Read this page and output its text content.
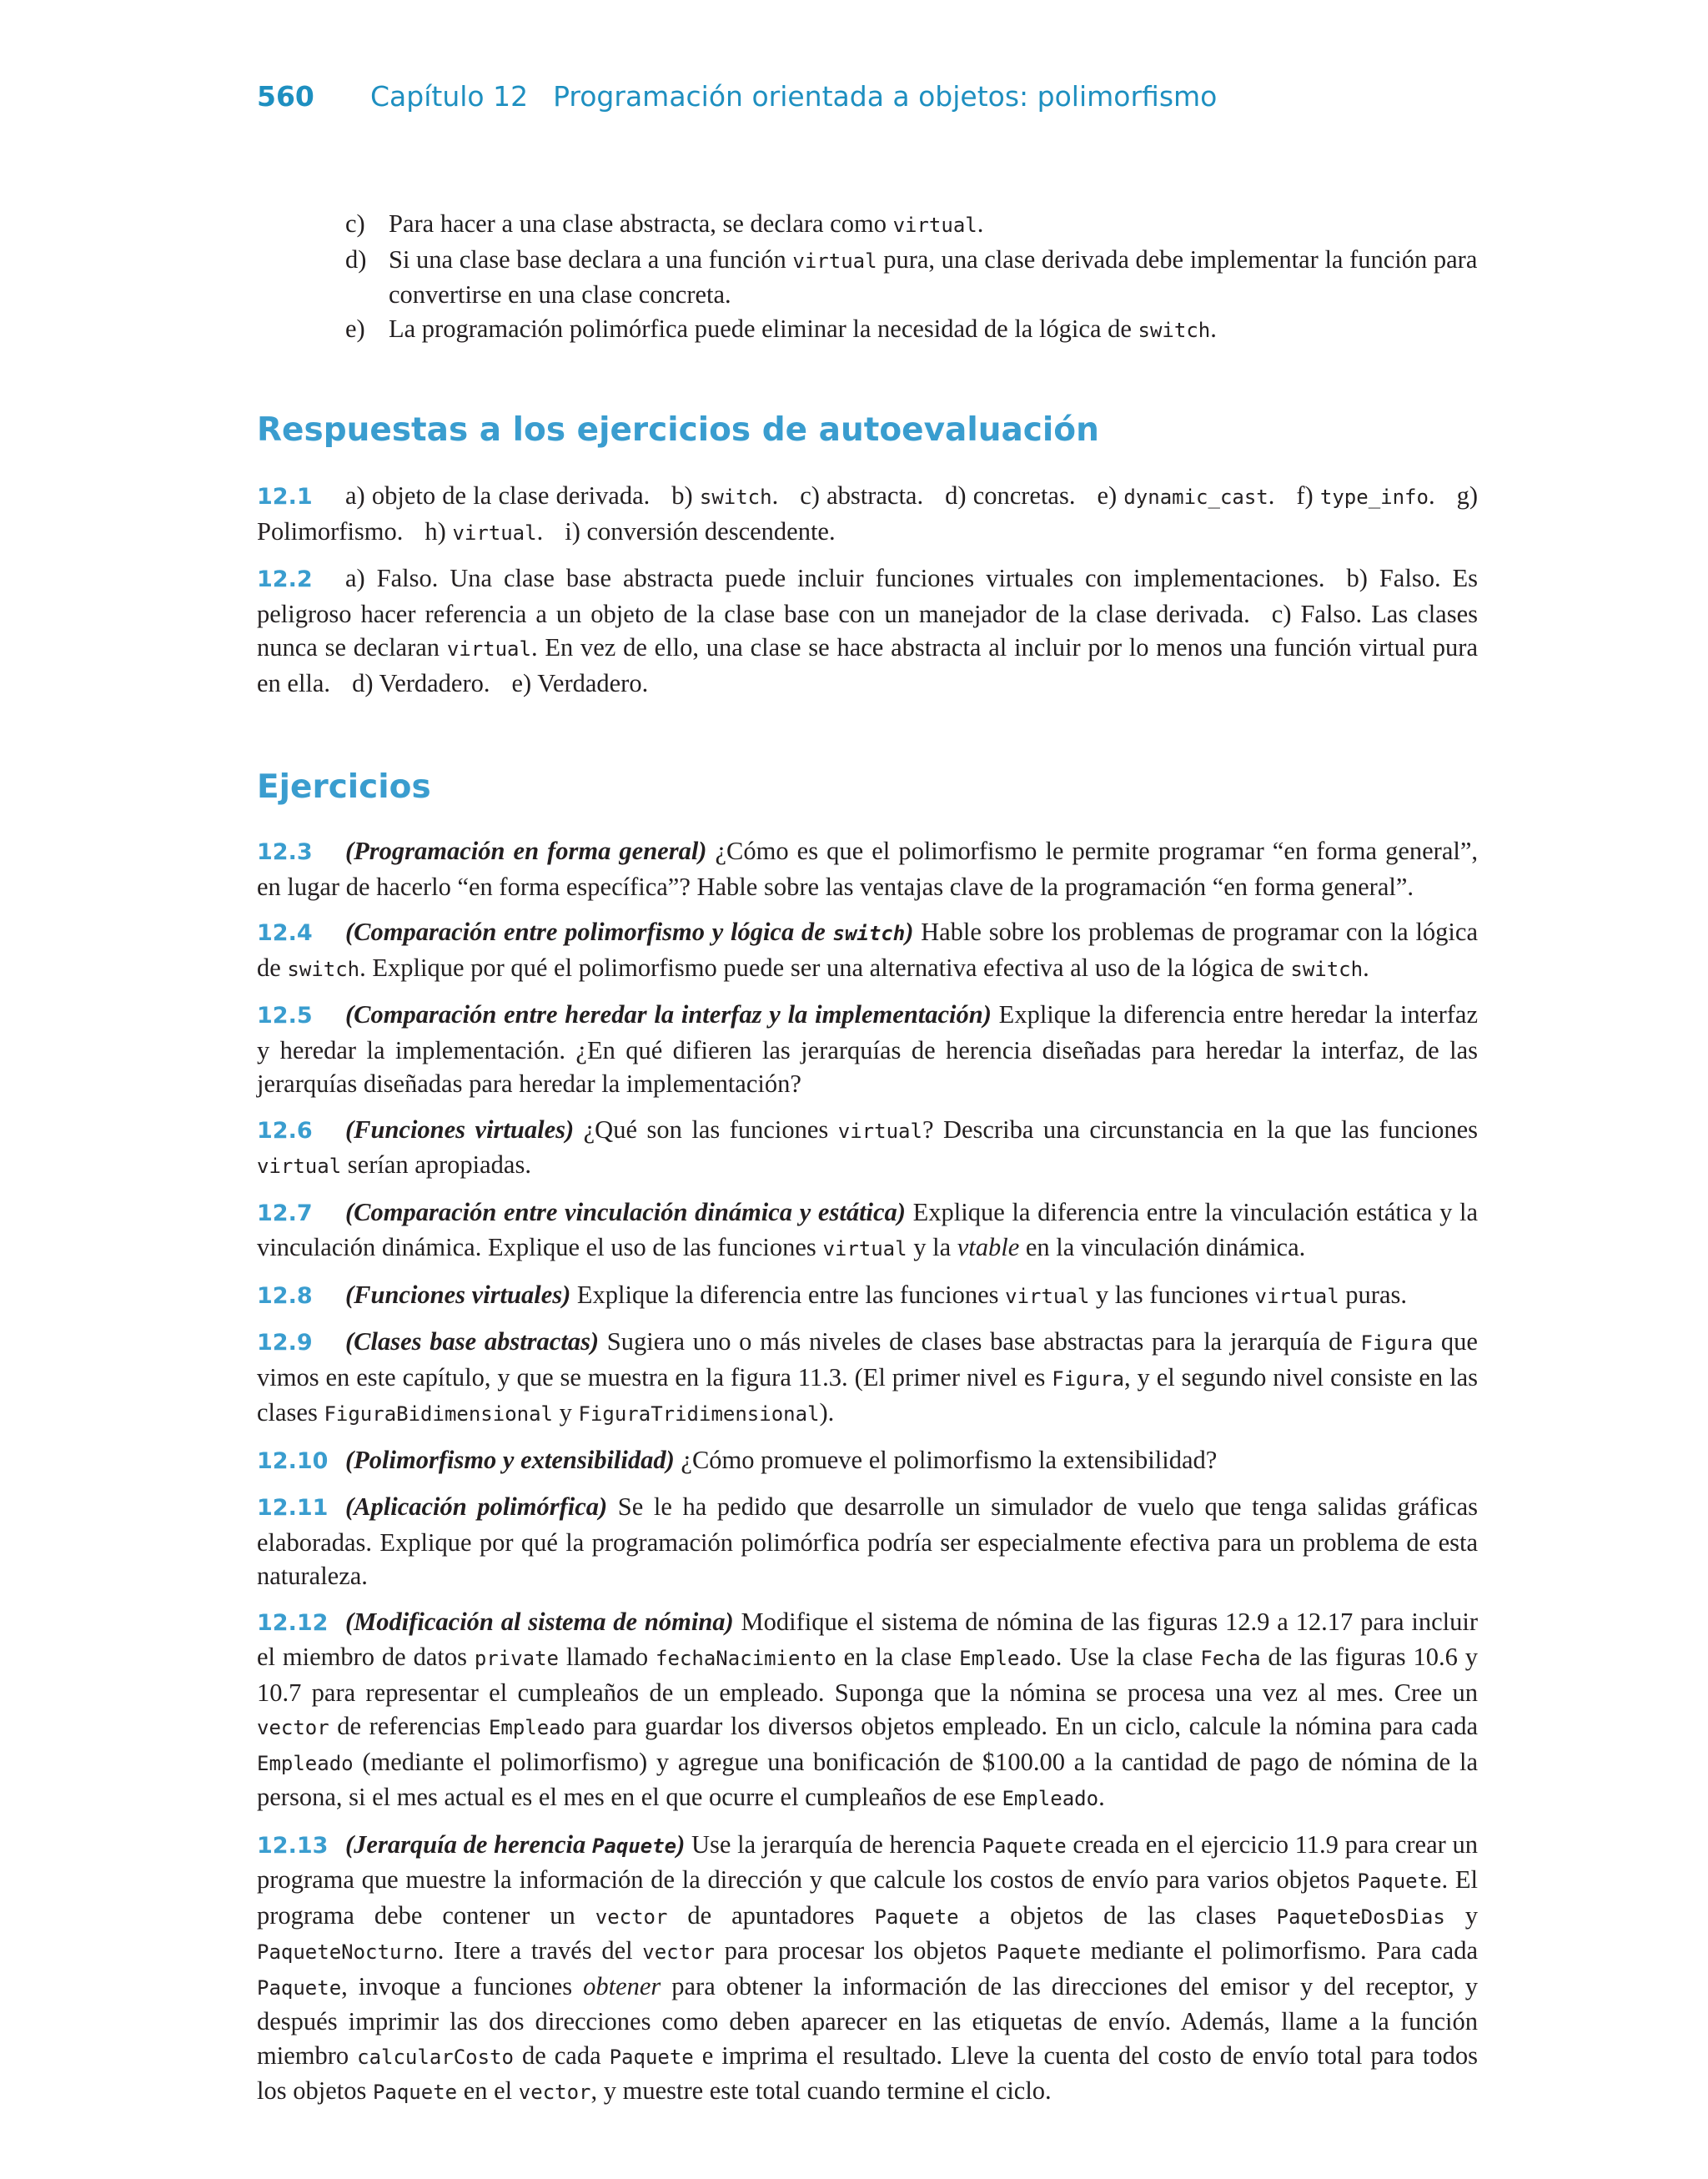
560 Capítulo 12 Programación orientada a objetos: polimorfismo
c) Para hacer a una clase abstracta, se declara como virtual.
d) Si una clase base declara a una función virtual pura, una clase derivada debe implementar la función para convertirse en una clase concreta.
e) La programación polimórfica puede eliminar la necesidad de la lógica de switch.
Respuestas a los ejercicios de autoevaluación

12.1 a) objeto de la clase derivada. b) switch. c) abstracta. d) concretas. e) dynamic_cast. f) type_info. g) Polimorfismo. h) virtual. i) conversión descendente.

12.2 a) Falso. Una clase base abstracta puede incluir funciones virtuales con implementaciones. b) Falso. Es peligroso hacer referencia a un objeto de la clase base con un manejador de la clase derivada. c) Falso. Las clases nunca se declaran virtual. En vez de ello, una clase se hace abstracta al incluir por lo menos una función virtual pura en ella. d) Verdadero. e) Verdadero.

Ejercicios

12.3 (Programación en forma general) ¿Cómo es que el polimorfismo le permite programar “en forma general”, en lugar de hacerlo “en forma específica”? Hable sobre las ventajas clave de la programación “en forma general”.

12.4 (Comparación entre polimorfismo y lógica de switch) Hable sobre los problemas de programar con la lógica de switch. Explique por qué el polimorfismo puede ser una alternativa efectiva al uso de la lógica de switch.

12.5 (Comparación entre heredar la interfaz y la implementación) Explique la diferencia entre heredar la interfaz y heredar la implementación. ¿En qué difieren las jerarquías de herencia diseñadas para heredar la interfaz, de las jerarquías diseñadas para heredar la implementación?

12.6 (Funciones virtuales) ¿Qué son las funciones virtual? Describa una circunstancia en la que las funciones virtual serían apropiadas.

12.7 (Comparación entre vinculación dinámica y estática) Explique la diferencia entre la vinculación estática y la vinculación dinámica. Explique el uso de las funciones virtual y la vtable en la vinculación dinámica.

12.8 (Funciones virtuales) Explique la diferencia entre las funciones virtual y las funciones virtual puras.

12.9 (Clases base abstractas) Sugiera uno o más niveles de clases base abstractas para la jerarquía de Figura que vimos en este capítulo, y que se muestra en la figura 11.3. (El primer nivel es Figura, y el segundo nivel consiste en las clases FiguraBidimensional y FiguraTridimensional).

12.10 (Polimorfismo y extensibilidad) ¿Cómo promueve el polimorfismo la extensibilidad?

12.11 (Aplicación polimórfica) Se le ha pedido que desarrolle un simulador de vuelo que tenga salidas gráficas elaboradas. Explique por qué la programación polimórfica podría ser especialmente efectiva para un problema de esta naturaleza.

12.12 (Modificación al sistema de nómina) Modifique el sistema de nómina de las figuras 12.9 a 12.17 para incluir el miembro de datos private llamado fechaNacimiento en la clase Empleado. Use la clase Fecha de las figuras 10.6 y 10.7 para representar el cumpleaños de un empleado. Suponga que la nómina se procesa una vez al mes. Cree un vector de referencias Empleado para guardar los diversos objetos empleado. En un ciclo, calcule la nómina para cada Empleado (mediante el polimorfismo) y agregue una bonificación de $100.00 a la cantidad de pago de nómina de la persona, si el mes actual es el mes en el que ocurre el cumpleaños de ese Empleado.

12.13 (Jerarquía de herencia Paquete) Use la jerarquía de herencia Paquete creada en el ejercicio 11.9 para crear un programa que muestre la información de la dirección y que calcule los costos de envío para varios objetos Paquete. El programa debe contener un vector de apuntadores Paquete a objetos de las clases PaqueteDosDias y PaqueteNocturno. Itere a través del vector para procesar los objetos Paquete mediante el polimorfismo. Para cada Paquete, invoque a funciones obtener para obtener la información de las direcciones del emisor y del receptor, y después imprimir las dos direcciones como deben aparecer en las etiquetas de envío. Además, llame a la función miembro calcularCosto de cada Paquete e imprima el resultado. Lleve la cuenta del costo de envío total para todos los objetos Paquete en el vector, y muestre este total cuando termine el ciclo.
